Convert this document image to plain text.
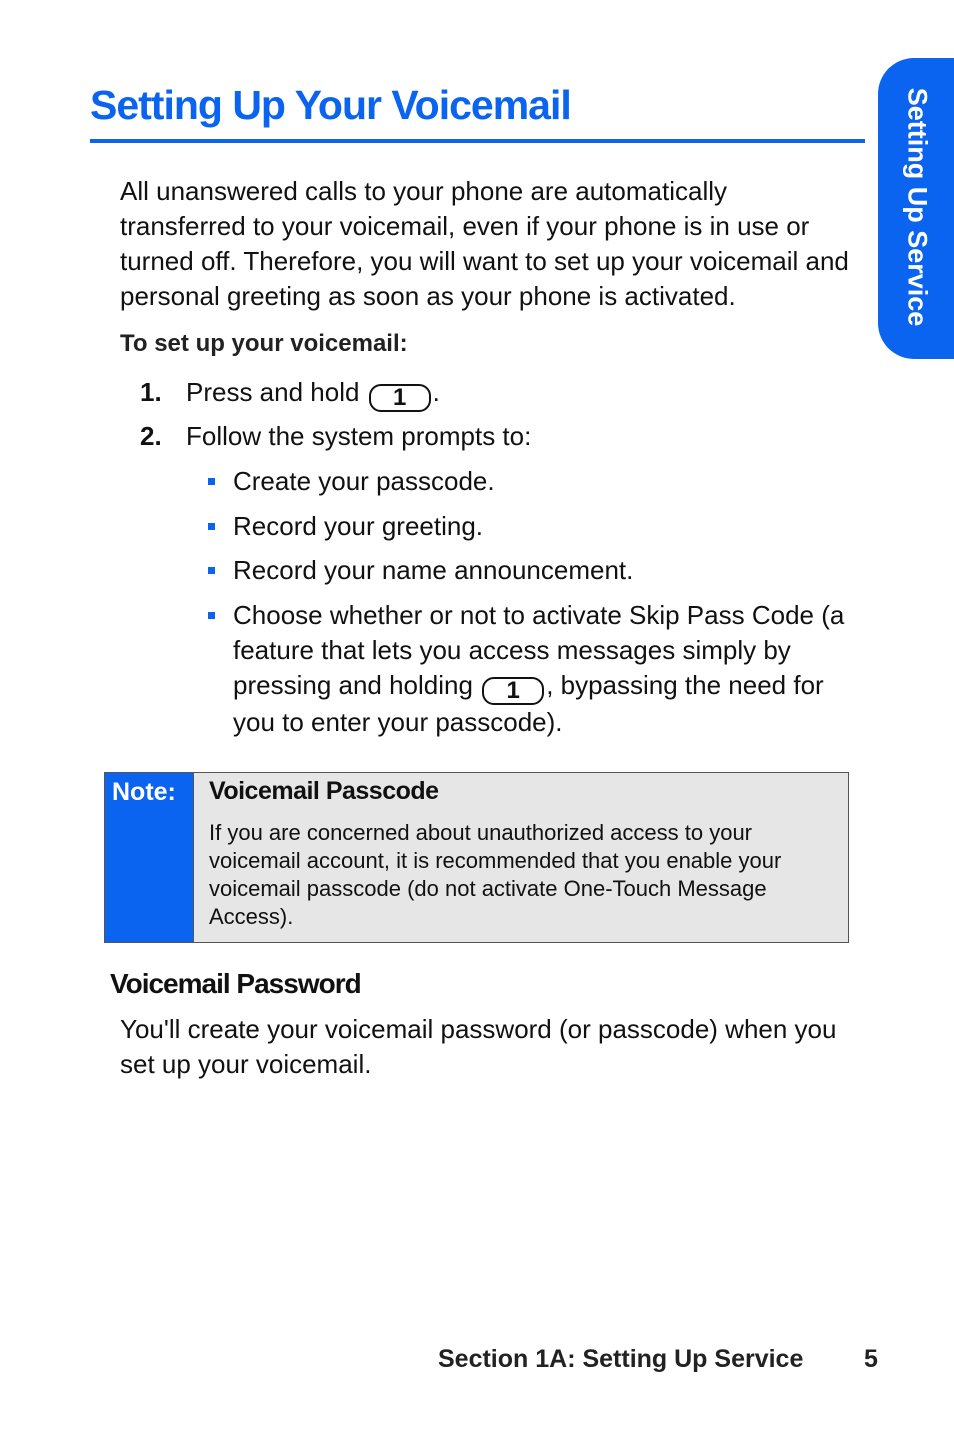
Setting Up Your Voicemail	Setting Up Service

All unanswered calls to your phone are automatically transferred to your voicemail, even if your phone is in use or turned off. Therefore, you will want to set up your voicemail and personal greeting as soon as your phone is activated.

To set up your voicemail:

1. Press and hold 1 .
2. Follow the system prompts to:
Create your passcode.
Record your greeting.
Record your name announcement.
Choose whether or not to activate Skip Pass Code (a feature that lets you access messages simply by pressing and holding 1 , bypassing the need for you to enter your passcode).
Note:	Voicemail Passcode
If you are concerned about unauthorized access to your voicemail account, it is recommended that you enable your voicemail passcode (do not activate One-Touch Message Access).
Voicemail Password

You'll create your voicemail password (or passcode) when you set up your voicemail.

Section 1A: Setting Up Service 5
